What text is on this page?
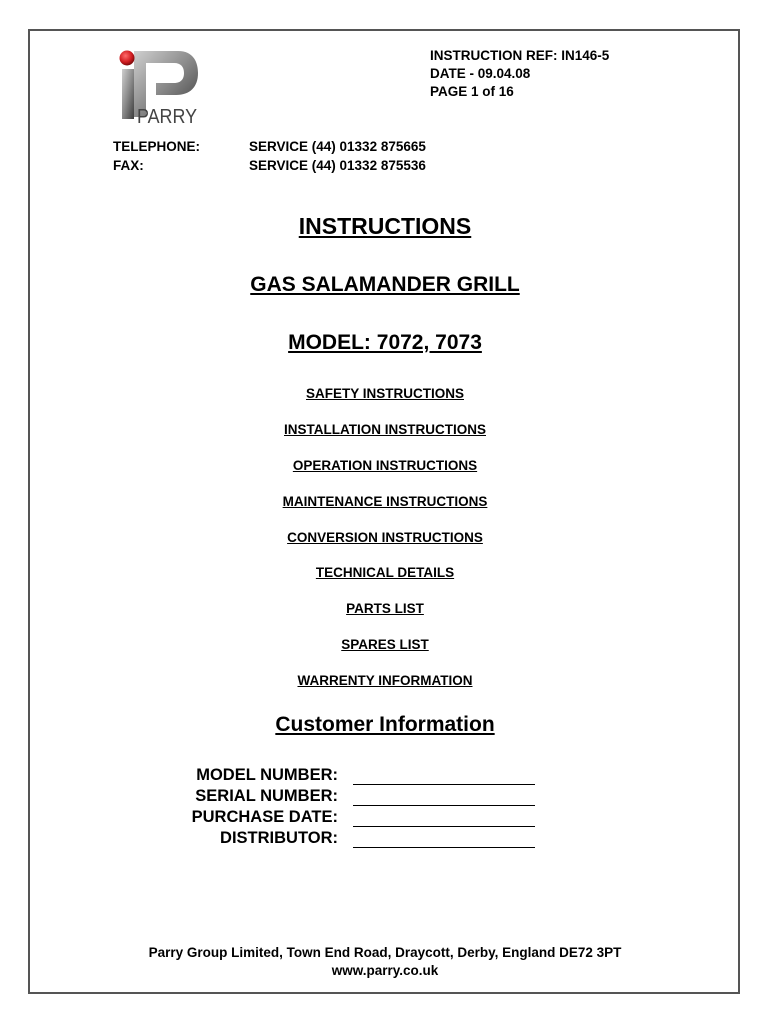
PARRY
INSTRUCTION REF: IN146-5
DATE - 09.04.08
PAGE 1 of 16
TELEPHONE:	SERVICE (44) 01332 875665
FAX:	SERVICE (44) 01332 875536
INSTRUCTIONS
GAS SALAMANDER GRILL
MODEL: 7072, 7073
SAFETY INSTRUCTIONS
INSTALLATION INSTRUCTIONS
OPERATION INSTRUCTIONS
MAINTENANCE INSTRUCTIONS
CONVERSION INSTRUCTIONS
TECHNICAL DETAILS
PARTS LIST
SPARES LIST
WARRENTY INFORMATION
Customer Information
MODEL NUMBER:
SERIAL NUMBER:
PURCHASE DATE:
DISTRIBUTOR:
Parry Group Limited, Town End Road, Draycott, Derby, England DE72 3PT
www.parry.co.uk
